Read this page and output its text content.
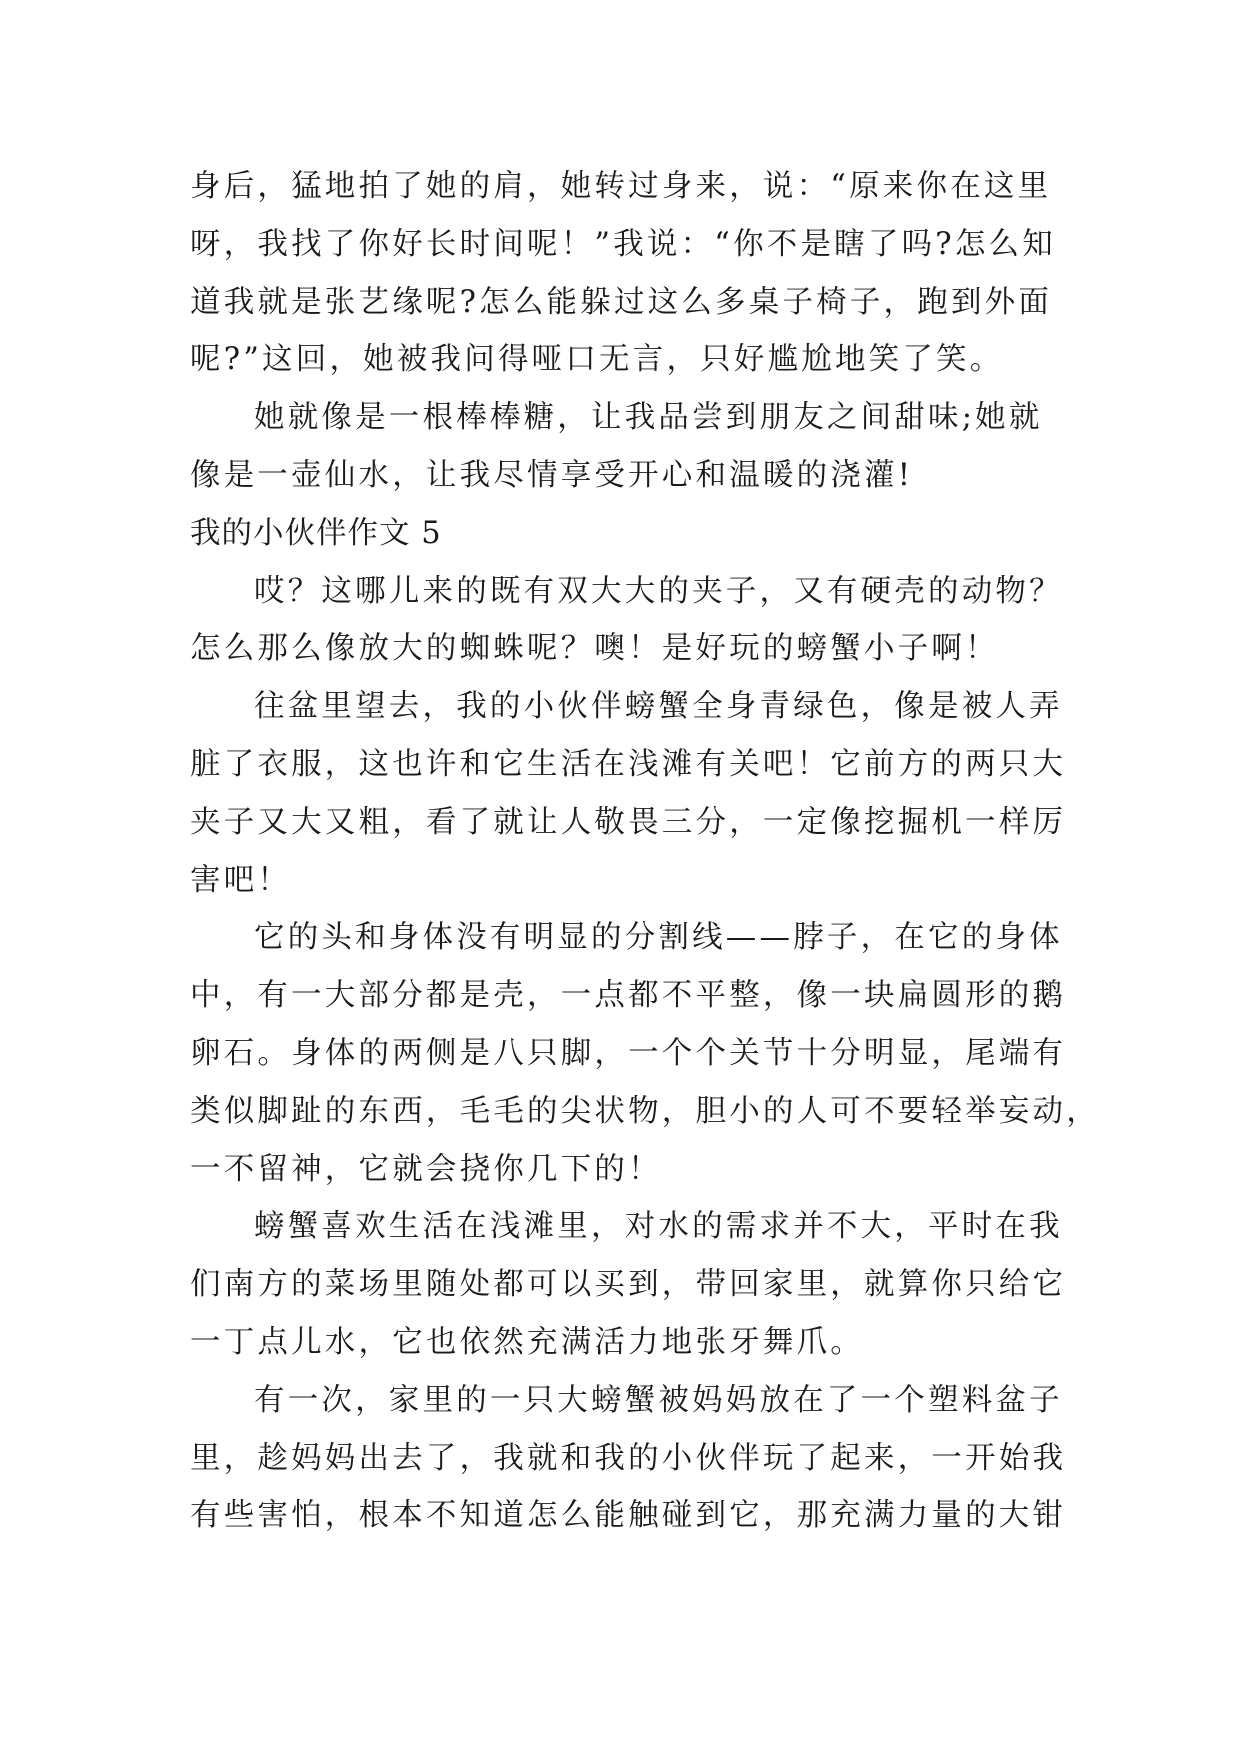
身后，猛地拍了她的肩，她转过身来，说：“原来你在这里
呀，我找了你好长时间呢！”我说：“你不是瞎了吗?怎么知
道我就是张艺缘呢?怎么能躲过这么多桌子椅子，跑到外面
呢?”这回，她被我问得哑口无言，只好尴尬地笑了笑。
她就像是一根棒棒糖，让我品尝到朋友之间甜味;她就
像是一壶仙水，让我尽情享受开心和温暖的浇灌!
我的小伙伴作文 5
哎？这哪儿来的既有双大大的夹子，又有硬壳的动物？
怎么那么像放大的蜘蛛呢？噢！是好玩的螃蟹小子啊！
往盆里望去，我的小伙伴螃蟹全身青绿色，像是被人弄
脏了衣服，这也许和它生活在浅滩有关吧！它前方的两只大
夹子又大又粗，看了就让人敬畏三分，一定像挖掘机一样厉
害吧！
它的头和身体没有明显的分割线——脖子，在它的身体
中，有一大部分都是壳，一点都不平整，像一块扁圆形的鹅
卵石。身体的两侧是八只脚，一个个关节十分明显，尾端有
类似脚趾的东西，毛毛的尖状物，胆小的人可不要轻举妄动，
一不留神，它就会挠你几下的！
螃蟹喜欢生活在浅滩里，对水的需求并不大，平时在我
们南方的菜场里随处都可以买到，带回家里，就算你只给它
一丁点儿水，它也依然充满活力地张牙舞爪。
有一次，家里的一只大螃蟹被妈妈放在了一个塑料盆子
里，趁妈妈出去了，我就和我的小伙伴玩了起来，一开始我
有些害怕，根本不知道怎么能触碰到它，那充满力量的大钳
